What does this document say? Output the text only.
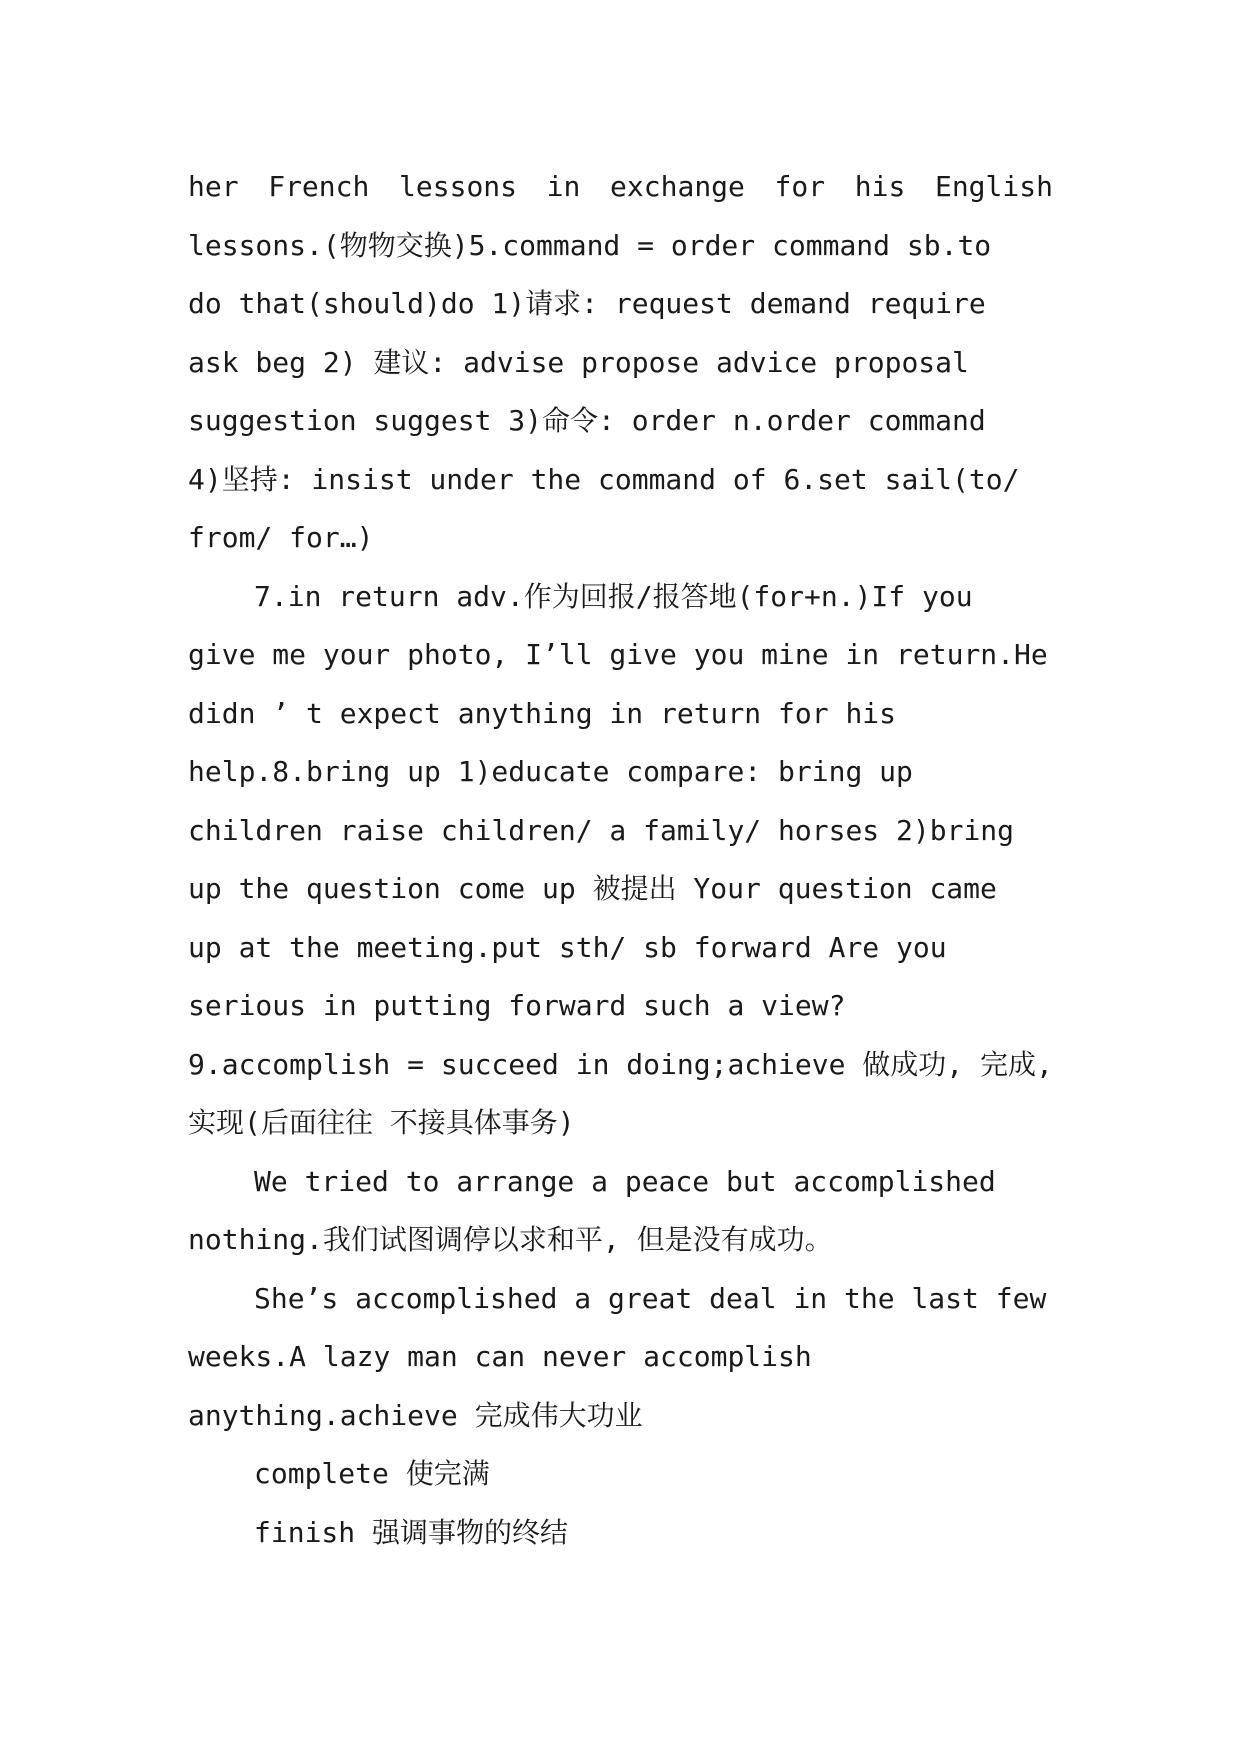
her French lessons in exchange for his English
lessons.(物物交换)5.command = order command sb.to
do that(should)do 1)请求: request demand require
ask beg 2) 建议: advise propose advice proposal
suggestion suggest 3)命令: order n.order command
4)坚持: insist under the command of 6.set sail(to/
from/ for…)
7.in return adv.作为回报/报答地(for+n.)If you
give me your photo, I’ll give you mine in return.He
didn ’ t expect anything in return for his
help.8.bring up 1)educate compare: bring up
children raise children/ a family/ horses 2)bring
up the question come up 被提出 Your question came
up at the meeting.put sth/ sb forward Are you
serious in putting forward such a view?
9.accomplish = succeed in doing;achieve 做成功, 完成,
实现(后面往往 不接具体事务)
We tried to arrange a peace but accomplished
nothing.我们试图调停以求和平, 但是没有成功。
She’s accomplished a great deal in the last few
weeks.A lazy man can never accomplish
anything.achieve 完成伟大功业
complete 使完满
finish 强调事物的终结
